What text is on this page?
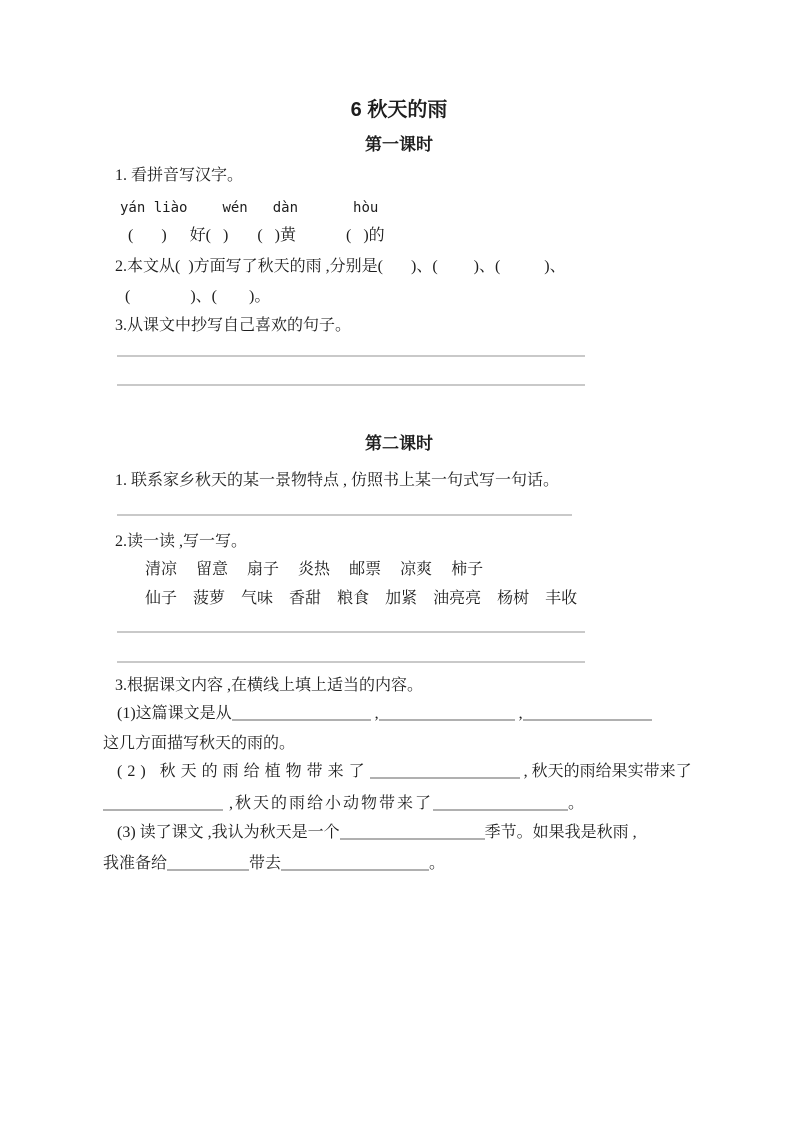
6 秋天的雨
第一课时
1. 看拼音写汉字。
yán liào	wén dàn	hòu
(       ) 好(   ) (   )黄	(   )的
2.本文从(  )方面写了秋天的雨 ,分别是(       )、(         )、(           )、
(               )、(        )。
3.从课文中抄写自己喜欢的句子。
第二课时
1. 联系家乡秋天的某一景物特点 , 仿照书上某一句式写一句话。
2.读一读 ,写一写。
清凉 留意 扇子 炎热 邮票 凉爽 柿子
仙子 菠萝 气味 香甜 粮食 加紧 油亮亮 杨树 丰收
3.根据课文内容 ,在横线上填上适当的内容。
(1)这篇课文是从	,	,
这几方面描写秋天的雨的。
(2) 秋天的雨给植物带来了	, 秋天的雨给果实带来了
,秋天的雨给小动物带来了	。
(3) 读了课文 ,我认为秋天是一个	季节。如果我是秋雨 ,
我准备给	带去	。
